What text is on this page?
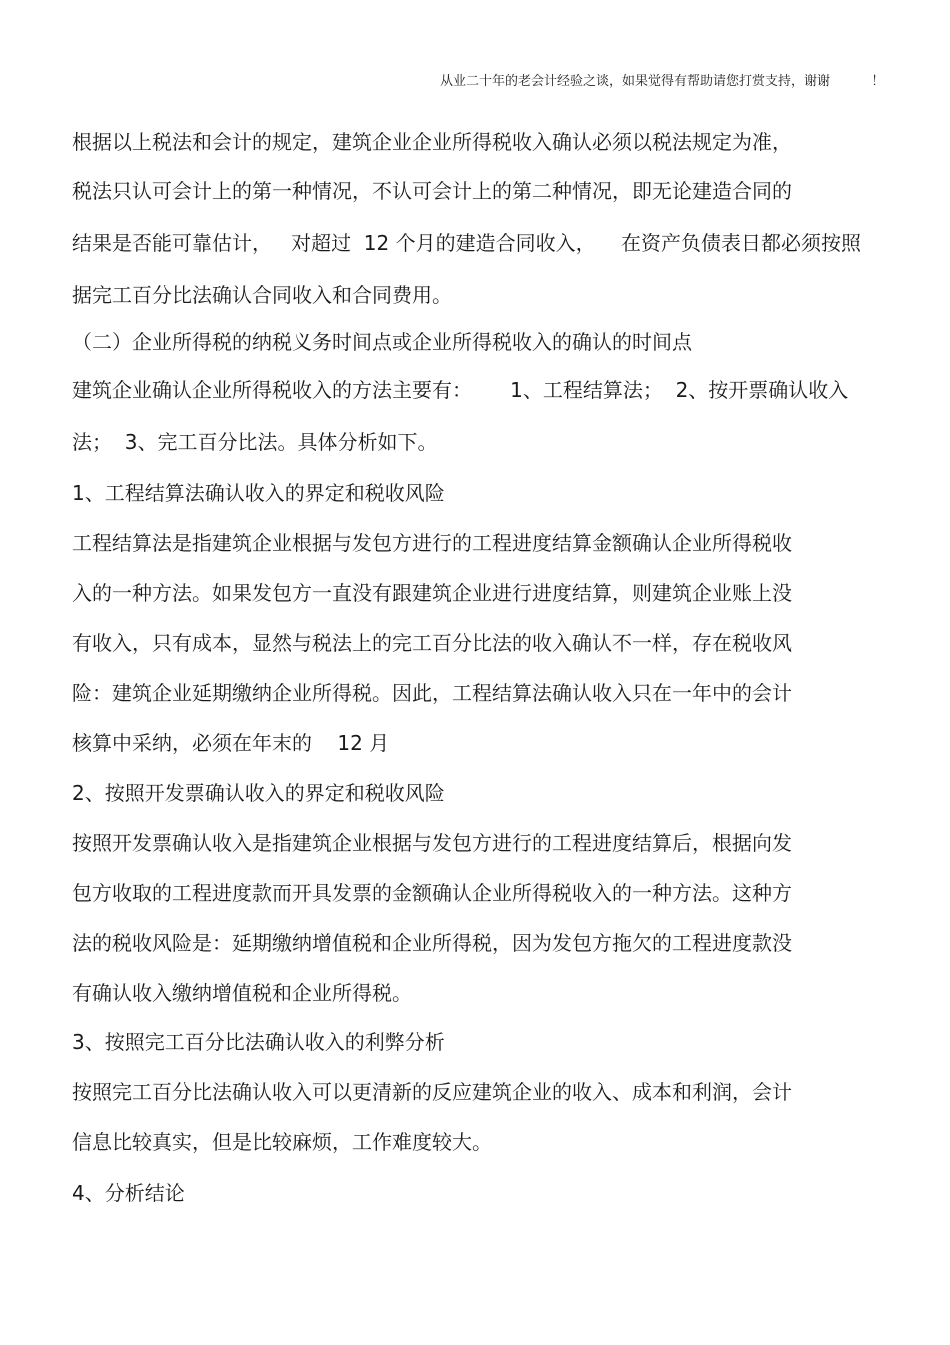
从业二十年的老会计经验之谈，如果觉得有帮助请您打赏支持，谢谢          ！
根据以上税法和会计的规定，建筑企业企业所得税收入确认必须以税法规定为准，
税法只认可会计上的第一种情况，不认可会计上的第二种情况，即无论建造合同的
结果是否能可靠估计，   对超过  12 个月的建造合同收入，    在资产负债表日都必须按照
据完工百分比法确认合同收入和合同费用。
（二）企业所得税的纳税义务时间点或企业所得税收入的确认的时间点
建筑企业确认企业所得税收入的方法主要有：      1、工程结算法；  2、按开票确认收入
法；  3、完工百分比法。具体分析如下。
1、工程结算法确认收入的界定和税收风险
工程结算法是指建筑企业根据与发包方进行的工程进度结算金额确认企业所得税收
入的一种方法。如果发包方一直没有跟建筑企业进行进度结算，则建筑企业账上没
有收入，只有成本，显然与税法上的完工百分比法的收入确认不一样，存在税收风
险：建筑企业延期缴纳企业所得税。因此，工程结算法确认收入只在一年中的会计
核算中采纳，必须在年末的    12 月
2、按照开发票确认收入的界定和税收风险
按照开发票确认收入是指建筑企业根据与发包方进行的工程进度结算后，根据向发
包方收取的工程进度款而开具发票的金额确认企业所得税收入的一种方法。这种方
法的税收风险是：延期缴纳增值税和企业所得税，因为发包方拖欠的工程进度款没
有确认收入缴纳增值税和企业所得税。
3、按照完工百分比法确认收入的利弊分析
按照完工百分比法确认收入可以更清新的反应建筑企业的收入、成本和利润，会计
信息比较真实，但是比较麻烦，工作难度较大。
4、分析结论
